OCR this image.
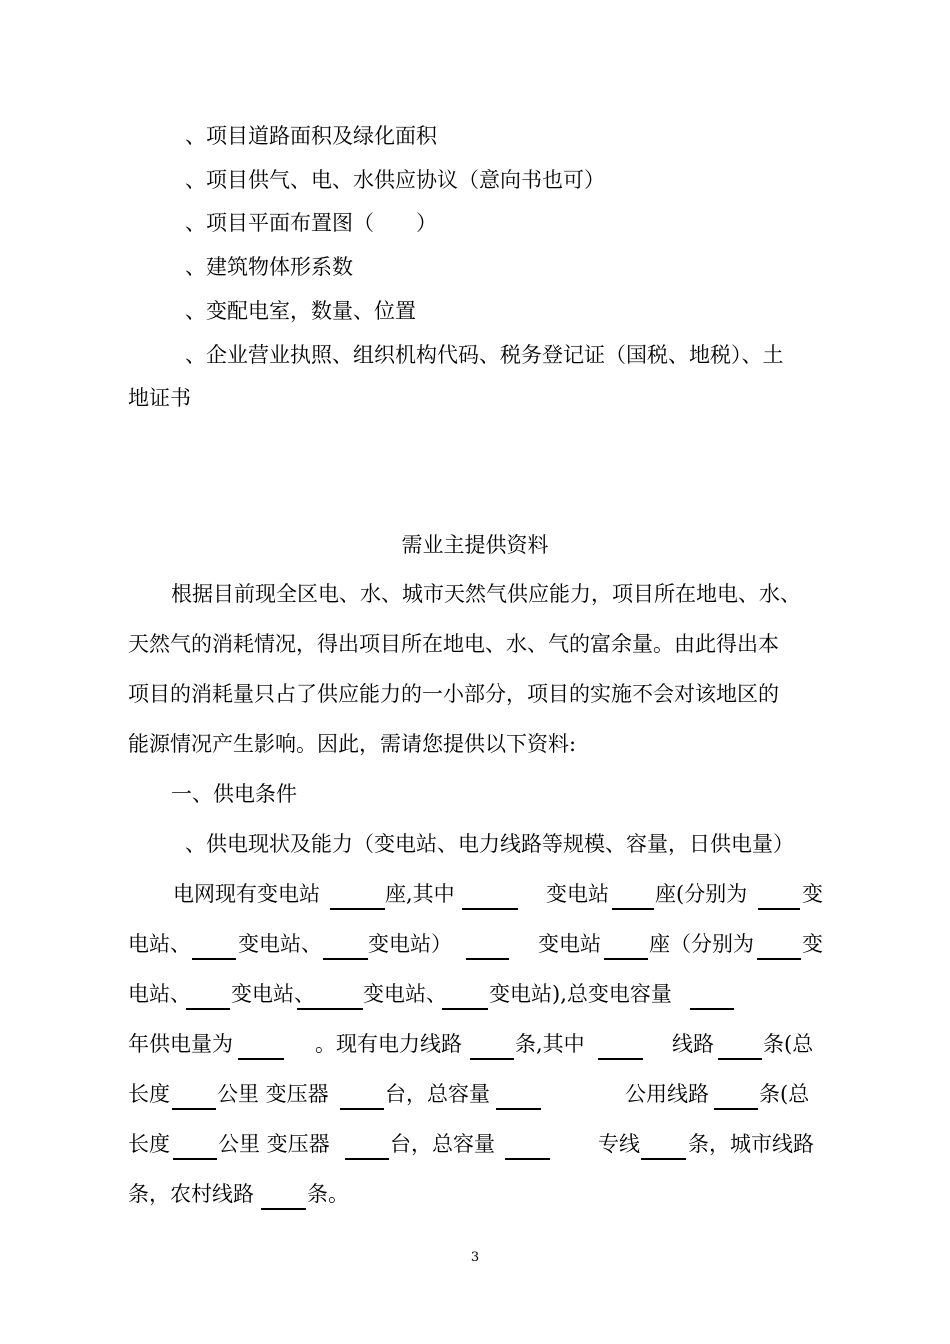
、项目道路面积及绿化面积
、项目供气、电、水供应协议（意向书也可）
、项目平面布置图（　　）
、建筑物体形系数
、变配电室，数量、位置
、企业营业执照、组织机构代码、税务登记证（国税、地税）、土
地证书
需业主提供资料
根据目前现全区电、水、城市天然气供应能力，项目所在地电、水、
天然气的消耗情况，得出项目所在地电、水、气的富余量。由此得出本
项目的消耗量只占了供应能力的一小部分，项目的实施不会对该地区的
能源情况产生影响。因此，需请您提供以下资料:
一、供电条件
、供电现状及能力（变电站、电力线路等规模、容量，日供电量）
电网现有变电站	座,其中	变电站 座(分别为	变
电站、 变电站、 变电站）	变电站 座（分别为 变
电站、 变电站、 变电站、 变电站),总变电容量
年供电量为	。现有电力线路	条,其中	线路 条(总
长度 公里 变压器	台，总容量	公用线路 条(总
长度 公里 变压器	台，总容量	专线 条，城市线路
条，农村线路	条。
3
